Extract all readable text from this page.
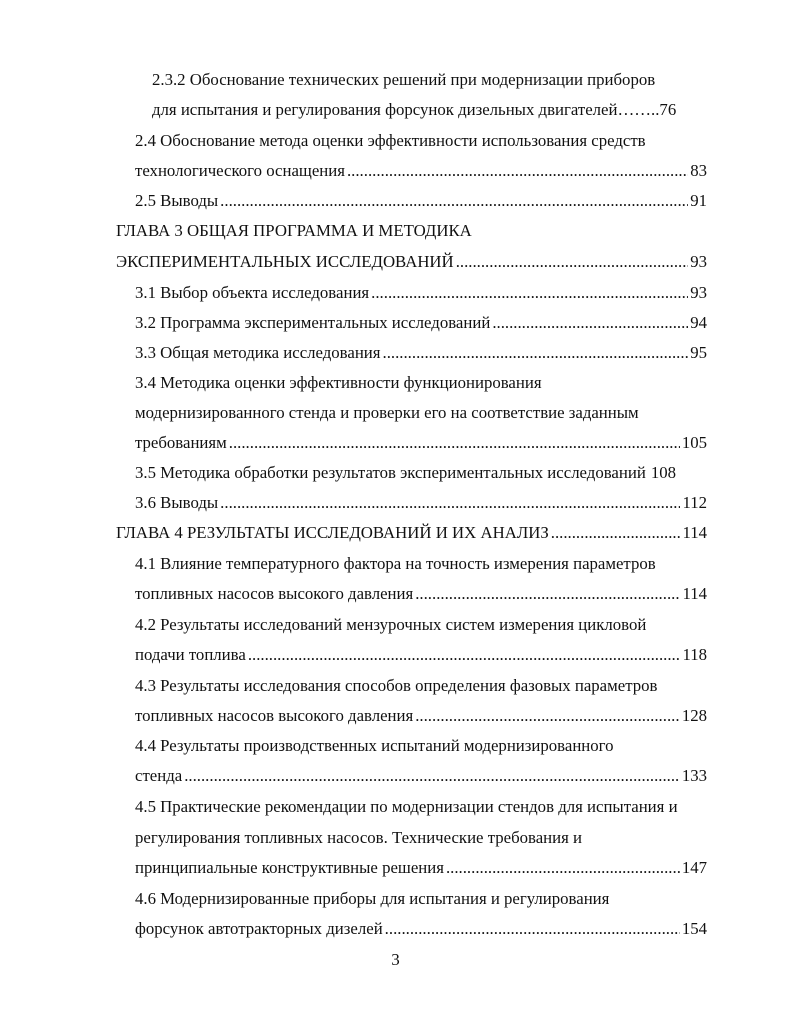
2.3.2 Обоснование технических решений при модернизации приборов
для испытания и регулирования форсунок дизельных двигателей……..76
2.4 Обоснование метода оценки эффективности использования средств
технологического оснащения .....	83
2.5 Выводы .....	91
ГЛАВА 3 ОБЩАЯ ПРОГРАММА И МЕТОДИКА
ЭКСПЕРИМЕНТАЛЬНЫХ ИССЛЕДОВАНИЙ .....	93
3.1 Выбор объекта исследования .....	93
3.2 Программа экспериментальных исследований .....	94
3.3 Общая методика исследования .....	95
3.4 Методика оценки эффективности функционирования
модернизированного стенда и проверки его на соответствие заданным
требованиям .....	105
3.5 Методика обработки результатов экспериментальных исследований 108
3.6 Выводы .....	112
ГЛАВА 4 РЕЗУЛЬТАТЫ ИССЛЕДОВАНИЙ И ИХ АНАЛИЗ .....	114
4.1 Влияние температурного фактора на точность измерения параметров
топливных насосов высокого давления .....	114
4.2 Результаты исследований мензурочных систем измерения цикловой
подачи топлива .....	118
4.3 Результаты исследования способов определения фазовых параметров
топливных насосов высокого давления .....	128
4.4 Результаты производственных испытаний модернизированного
стенда .....	133
4.5 Практические рекомендации по модернизации стендов для испытания и
регулирования топливных насосов. Технические требования и
принципиальные конструктивные решения .....	147
4.6 Модернизированные приборы для испытания и регулирования
форсунок автотракторных дизелей .....	154
3
